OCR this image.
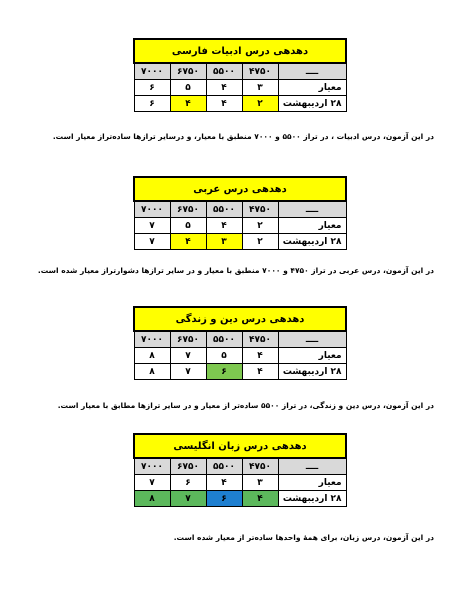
دهدهی درس ادبیات فارسی				
۷۰۰۰	۶۷۵۰	۵۵۰۰	۴۷۵۰	ــــ
۶	۵	۴	۳	معیار
۶	۴	۴	۲	۲۸ اردیبهشت
در این آزمون، درس ادبیات ، در تراز ۵۵۰۰ و ۷۰۰۰ منطبق با معیار، و درسایر ترازها ساده‌تراز معیار است.
دهدهی درس عربی				
۷۰۰۰	۶۷۵۰	۵۵۰۰	۴۷۵۰	ــــ
۷	۵	۴	۲	معیار
۷	۴	۳	۲	۲۸ اردیبهشت
در این آزمون، درس عربی در تراز ۴۷۵۰ و ۷۰۰۰ منطبق با معیار و در سایر ترازها دشوارتراز معیار شده است.
دهدهی درس دین و زندگی				
۷۰۰۰	۶۷۵۰	۵۵۰۰	۴۷۵۰	ــــ
۸	۷	۵	۴	معیار
۸	۷	۶	۴	۲۸ اردیبهشت
در این آزمون، درس دین و زندگی، در تراز ۵۵۰۰ ساده‌تر از معیار و در سایر ترازها مطابق با معیار است.
دهدهی درس زبان انگلیسی				
۷۰۰۰	۶۷۵۰	۵۵۰۰	۴۷۵۰	ــــ
۷	۶	۴	۳	معیار
۸	۷	۶	۴	۲۸ اردیبهشت
در این آزمون، درس زبان، برای همهٔ واحدها ساده‌تر از معیار شده است.
